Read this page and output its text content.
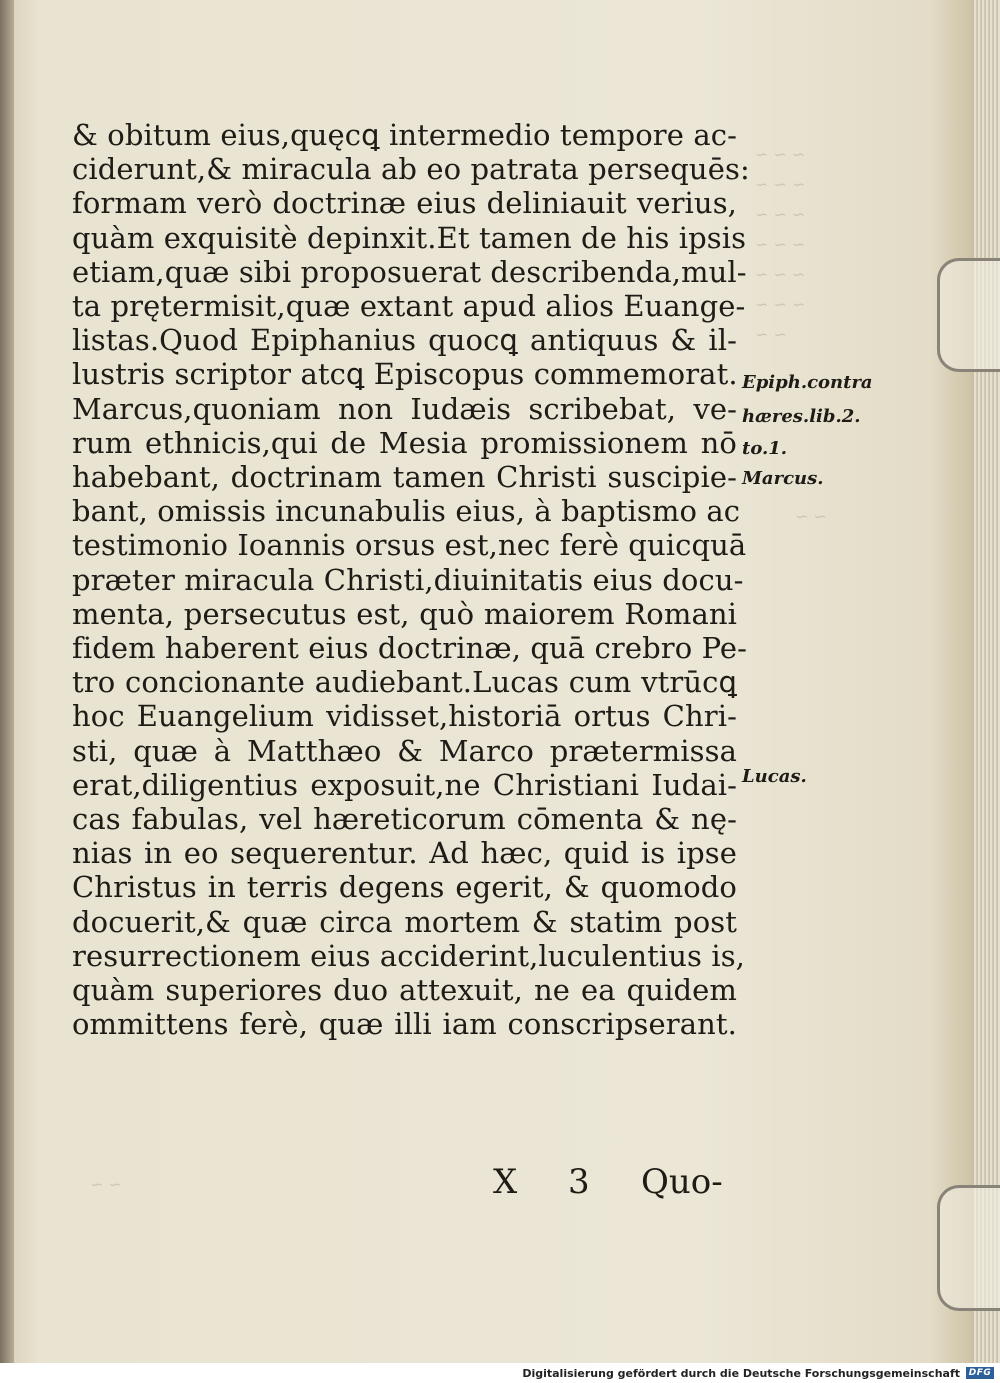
~ ~ ~
~ ~ ~
~ ~ ~
~ ~ ~
~ ~ ~
~ ~ ~
~ ~
~ ~
~ ~
& obitum eius,quęcꝗ intermedio tempore ac-
ciderunt,& miracula ab eo patrata persequēs:
formam verò doctrinæ eius deliniauit verius,
quàm exquisitè depinxit.Et tamen de his ipsis
etiam,quæ sibi proposuerat describenda,mul-
ta prętermisit,quæ extant apud alios Euange-
listas.Quod Epiphanius quocꝗ antiquus & il-
lustris scriptor atcꝗ Episcopus commemorat.
Marcus,quoniam non Iudæis scribebat, ve-
rum ethnicis,qui de Mesia promissionem nō
habebant, doctrinam tamen Christi suscipie-
bant, omissis incunabulis eius, à baptismo ac
testimonio Ioannis orsus est,nec ferè quicquā
præter miracula Christi,diuinitatis eius docu-
menta, persecutus est, quò maiorem Romani
fidem haberent eius doctrinæ, quā crebro Pe-
tro concionante audiebant.Lucas cum vtrūcꝗ
hoc Euangelium vidisset,historiā ortus Chri-
sti, quæ à Matthæo & Marco prætermissa
erat,diligentius exposuit,ne Christiani Iudai-
cas fabulas, vel hæreticorum cōmenta & nę-
nias in eo sequerentur. Ad hæc, quid is ipse
Christus in terris degens egerit, & quomodo
docuerit,& quæ circa mortem & statim post
resurrectionem eius acciderint,luculentius is,
quàm superiores duo attexuit, ne ea quidem
ommittens ferè, quæ illi iam conscripserant.
Epiph.contra
hæres.lib.2.
to.1.
Marcus.
Lucas.
X 3 Quo-
Digitalisierung gefördert durch die Deutsche Forschungsgemeinschaft DFG
